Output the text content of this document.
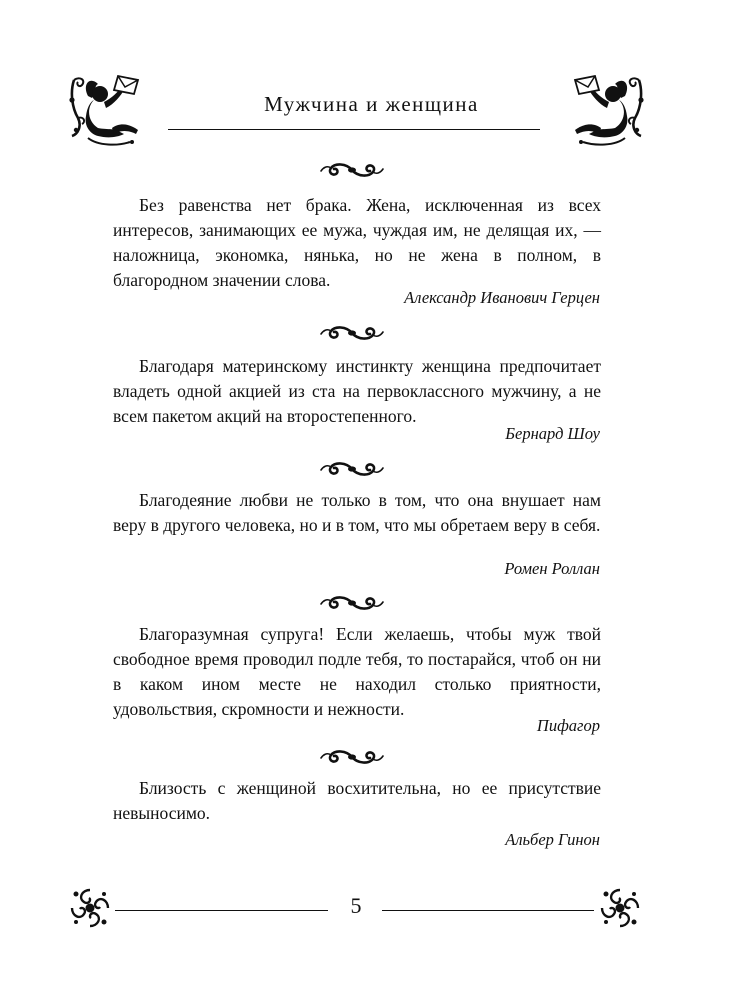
Мужчина и женщина

Без равенства нет брака. Жена, исключенная из всех интересов, занимающих ее мужа, чуждая им, не делящая их, — наложница, экономка, нянька, но не жена в полном, в благородном значении слова.

Александр Иванович Герцен

Благодаря материнскому инстинкту женщина предпочитает владеть одной акцией из ста на первоклассного мужчину, а не всем пакетом акций на второстепенного.

Бернард Шоу

Благодеяние любви не только в том, что она внушает нам веру в другого человека, но и в том, что мы обретаем веру в себя.

Ромен Роллан

Благоразумная супруга! Если желаешь, чтобы муж твой свободное время проводил подле тебя, то постарайся, чтоб он ни в каком ином месте не находил столько приятности, удовольствия, скромности и нежности.

Пифагор

Близость с женщиной восхитительна, но ее присутствие невыносимо.

Альбер Гинон
5
